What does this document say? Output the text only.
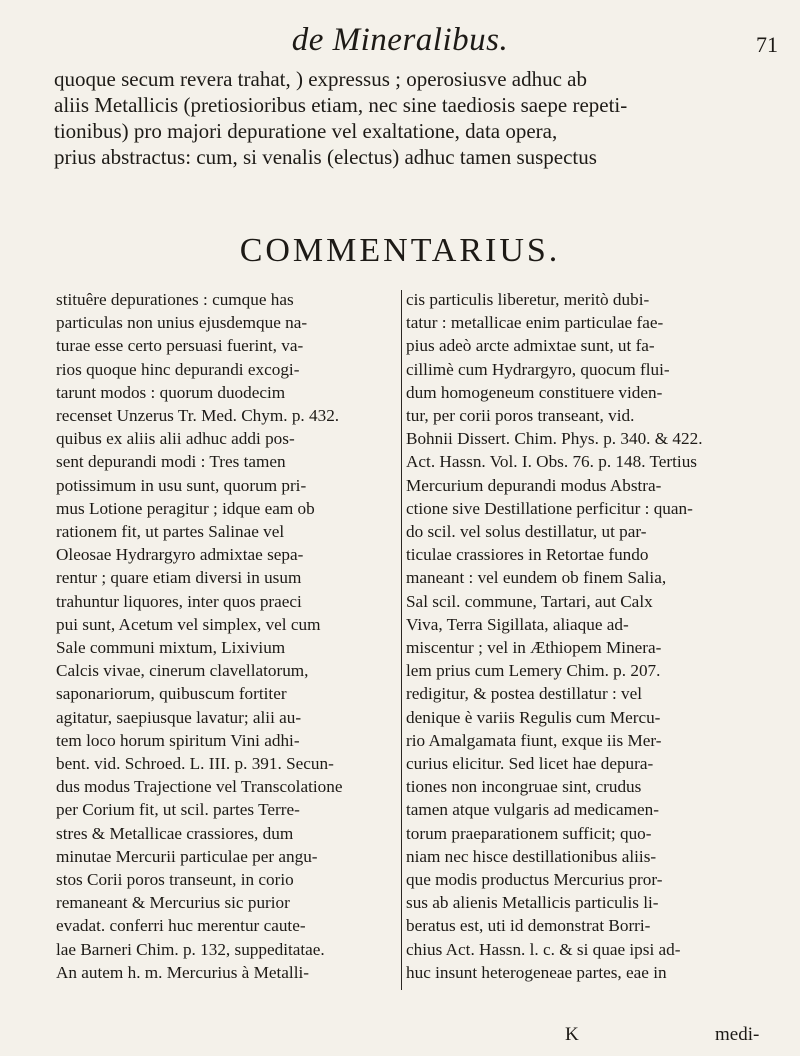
de Mineralibus.	71
quoque secum revera trahat, ) expressus ; operosiusve adhuc ab
aliis Metallicis (pretiosioribus etiam, nec sine taediosis saepe repeti-
tionibus) pro majori depuratione vel exaltatione, data opera,
prius abstractus: cum, si venalis (electus) adhuc tamen suspectus
COMMENTARIUS.
stituêre depurationes : cumque has
particulas non unius ejusdemque na-
turae esse certo persuasi fuerint, va-
rios quoque hinc depurandi excogi-
tarunt modos : quorum duodecim
recenset Unzerus Tr. Med. Chym. p. 432.
quibus ex aliis alii adhuc addi pos-
sent depurandi modi : Tres tamen
potissimum in usu sunt, quorum pri-
mus Lotione peragitur ; idque eam ob
rationem fit, ut partes Salinae vel
Oleosae Hydrargyro admixtae sepa-
rentur ; quare etiam diversi in usum
trahuntur liquores, inter quos praeci
pui sunt, Acetum vel simplex, vel cum
Sale communi mixtum, Lixivium
Calcis vivae, cinerum clavellatorum,
saponariorum, quibuscum fortiter
agitatur, saepiusque lavatur; alii au-
tem loco horum spiritum Vini adhi-
bent. vid. Schroed. L. III. p. 391. Secun-
dus modus Trajectione vel Transcolatione
per Corium fit, ut scil. partes Terre-
stres & Metallicae crassiores, dum
minutae Mercurii particulae per angu-
stos Corii poros transeunt, in corio
remaneant & Mercurius sic purior
evadat. conferri huc merentur caute-
lae Barneri Chim. p. 132, suppeditatae.
An autem h. m. Mercurius à Metalli-
cis particulis liberetur, meritò dubi-
tatur : metallicae enim particulae fae-
pius adeò arcte admixtae sunt, ut fa-
cillimè cum Hydrargyro, quocum flui-
dum homogeneum constituere viden-
tur, per corii poros transeant, vid.
Bohnii Dissert. Chim. Phys. p. 340. & 422.
Act. Hassn. Vol. I. Obs. 76. p. 148. Tertius
Mercurium depurandi modus Abstra-
ctione sive Destillatione perficitur : quan-
do scil. vel solus destillatur, ut par-
ticulae crassiores in Retortae fundo
maneant : vel eundem ob finem Salia,
Sal scil. commune, Tartari, aut Calx
Viva, Terra Sigillata, aliaque ad-
miscentur ; vel in Æthiopem Minera-
lem prius cum Lemery Chim. p. 207.
redigitur, & postea destillatur : vel
denique è variis Regulis cum Mercu-
rio Amalgamata fiunt, exque iis Mer-
curius elicitur. Sed licet hae depura-
tiones non incongruae sint, crudus
tamen atque vulgaris ad medicamen-
torum praeparationem sufficit; quo-
niam nec hisce destillationibus aliis-
que modis productus Mercurius pror-
sus ab alienis Metallicis particulis li-
beratus est, uti id demonstrat Borri-
chius Act. Hassn. l. c. & si quae ipsi ad-
huc insunt heterogeneae partes, eae in
K	medi-
